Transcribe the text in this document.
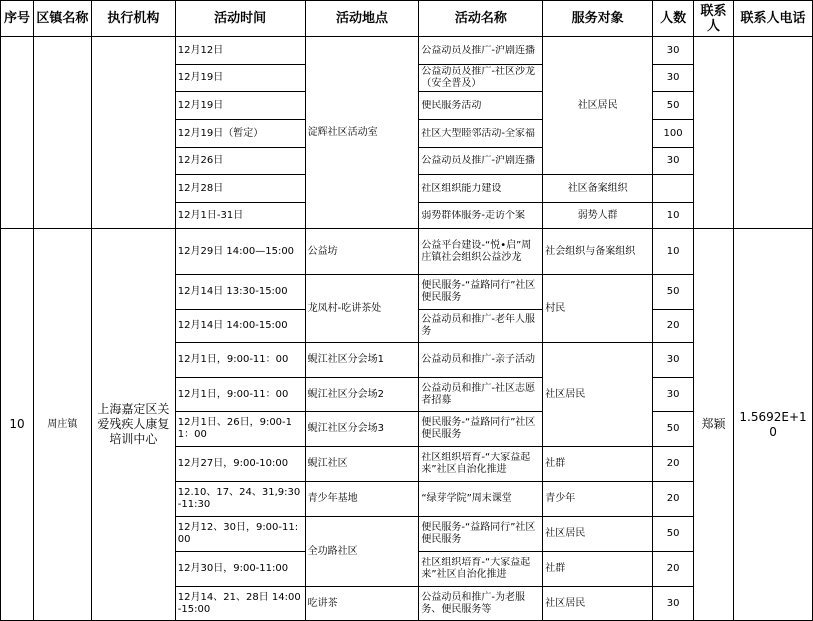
序号	区镇名称	执行机构	活动时间	活动地点	活动名称	服务对象	人数	联系人	联系人电话
			12月12日	淀辉社区活动室	公益动员及推广-沪剧连播	社区居民	30		
			12月19日		公益动员及推广-社区沙龙（安全普及）		30		
			12月19日		便民服务活动		50		
			12月19日（暂定）		社区大型睦邻活动-全家福		100		
			12月26日		公益动员及推广-沪剧连播		30		
			12月28日		社区组织能力建设	社区备案组织			
			12月1日-31日		弱势群体服务-走访个案	弱势人群	10		
10	周庄镇	上海嘉定区关爱残疾人康复培训中心	12月29日 14:00—15:00	公益坊	公益平台建设-“悦•启”周庄镇社会组织公益沙龙	社会组织与备案组织	10	郑颖	1.5692E+10
			12月14日 13:30-15:00	龙凤村-吃讲茶处	便民服务-“益路同行”社区便民服务	村民	50		
			12月14日 14:00-15:00		公益动员和推广-老年人服务		20		
			12月1日，9:00-11：00	蜆江社区分会场1	公益动员和推广-亲子活动	社区居民	30		
			12月1日，9:00-11：00	蜆江社区分会场2	公益动员和推广-社区志愿者招募		30		
			12月1日、26日，9:00-11：00	蜆江社区分会场3	便民服务-“益路同行”社区便民服务		50		
			12月27日，9:00-10:00	蜆江社区	社区组织培育-“大家益起来”社区自治化推进	社群	20		
			12.10、17、24、31,9:30-11:30	青少年基地	“绿芽学院”周末课堂	青少年	20		
			12月12、30日，9:00-11:00	全功路社区	便民服务-“益路同行”社区便民服务	社区居民	50		
			12月30日，9:00-11:00		社区组织培育-“大家益起来”社区自治化推进	社群	20		
			12月14、21、28日 14:00-15:00	吃讲茶	公益动员和推广-为老服务、便民服务等	社区居民	30		
